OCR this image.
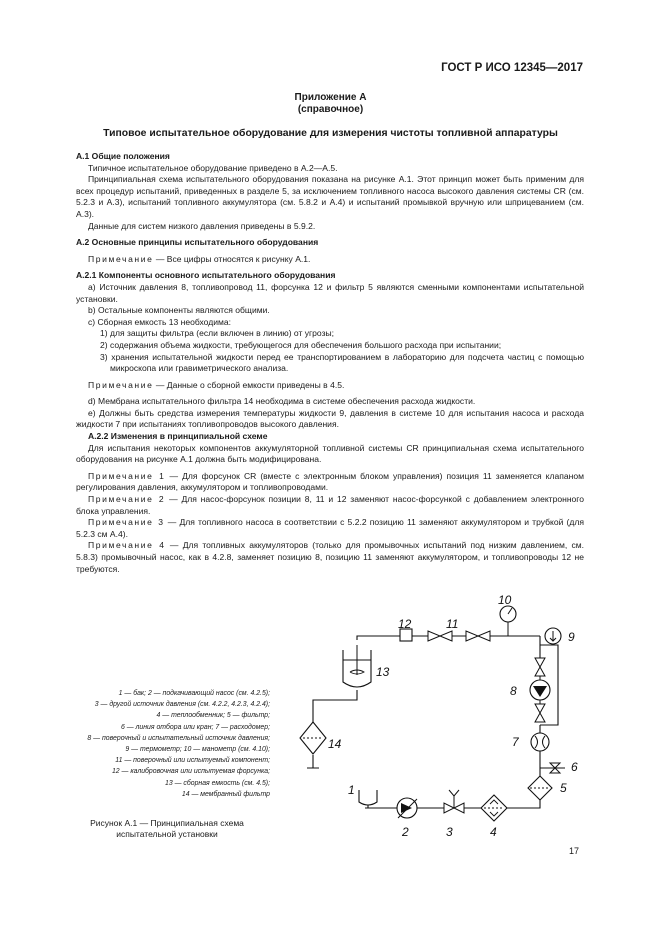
ГОСТ Р ИСО 12345—2017
Приложение А
(справочное)
Типовое испытательное оборудование для измерения чистоты топливной аппаратуры

А.1 Общие положения

Типичное испытательное оборудование приведено в А.2—А.5.

Принципиальная схема испытательного оборудования показана на рисунке А.1. Этот принцип может быть применим для всех процедур испытаний, приведенных в разделе 5, за исключением топливного насоса высокого давления системы CR (см. 5.2.3 и А.3), испытаний топливного аккумулятора (см. 5.8.2 и А.4) и испытаний промывкой вручную или шприцеванием (см. А.3).

Данные для систем низкого давления приведены в 5.9.2.

А.2 Основные принципы испытательного оборудования

Примечание — Все цифры относятся к рисунку А.1.

А.2.1 Компоненты основного испытательного оборудования

а) Источник давления 8, топливопровод 11, форсунка 12 и фильтр 5 являются сменными компонентами испытательной установки.

b) Остальные компоненты являются общими.

с) Сборная емкость 13 необходима:

1) для защиты фильтра (если включен в линию) от угрозы;

2) содержания объема жидкости, требующегося для обеспечения большого расхода при испытании;

3) хранения испытательной жидкости перед ее транспортированием в лабораторию для подсчета частиц с помощью микроскопа или гравиметрического анализа.

Примечание — Данные о сборной емкости приведены в 4.5.

d) Мембрана испытательного фильтра 14 необходима в системе обеспечения расхода жидкости.

е) Должны быть средства измерения температуры жидкости 9, давления в системе 10 для испытания насоса и расхода жидкости 7 при испытаниях топливопроводов высокого давления.

А.2.2 Изменения в принципиальной схеме

Для испытания некоторых компонентов аккумуляторной топливной системы CR принципиальная схема испытательного оборудования на рисунке А.1 должна быть модифицирована.

Примечание 1 — Для форсунок CR (вместе с электронным блоком управления) позиция 11 заменяется клапаном регулирования давления, аккумулятором и топливопроводами.

Примечание 2 — Для насос-форсунок позиции 8, 11 и 12 заменяют насос-форсункой с добавлением электронного блока управления.

Примечание 3 — Для топливного насоса в соответствии с 5.2.2 позицию 11 заменяют аккумулятором и трубкой (для 5.2.3 см А.4).

Примечание 4 — Для топливных аккумуляторов (только для промывочных испытаний под низким давлением, см. 5.8.3) промывочный насос, как в 4.2.8, заменяет позицию 8, позицию 11 заменяют аккумулятором, и топливопроводы 12 не требуются.

1 — бак; 2 — подкачивающий насос (см. 4.2.5);
3 — другой источник давления (см. 4.2.2, 4.2.3, 4.2.4);
4 — теплообменник; 5 — фильтр;
6 — линия отбора или кран; 7 — расходомер;
8 — поверочный и испытательный источник давления;
9 — термометр; 10 — манометр (см. 4.10);
11 — поверочный или испытуемый компонент;
12 — калибровочная или испытуемая форсунка;
13 — сборная емкость (см. 4.5);
14 — мембранный фильтр
Рисунок А.1 — Принципиальная схема
испытательной установки
17
12	11
10
9
8
7
6
5
4
3
2
1
13
14
